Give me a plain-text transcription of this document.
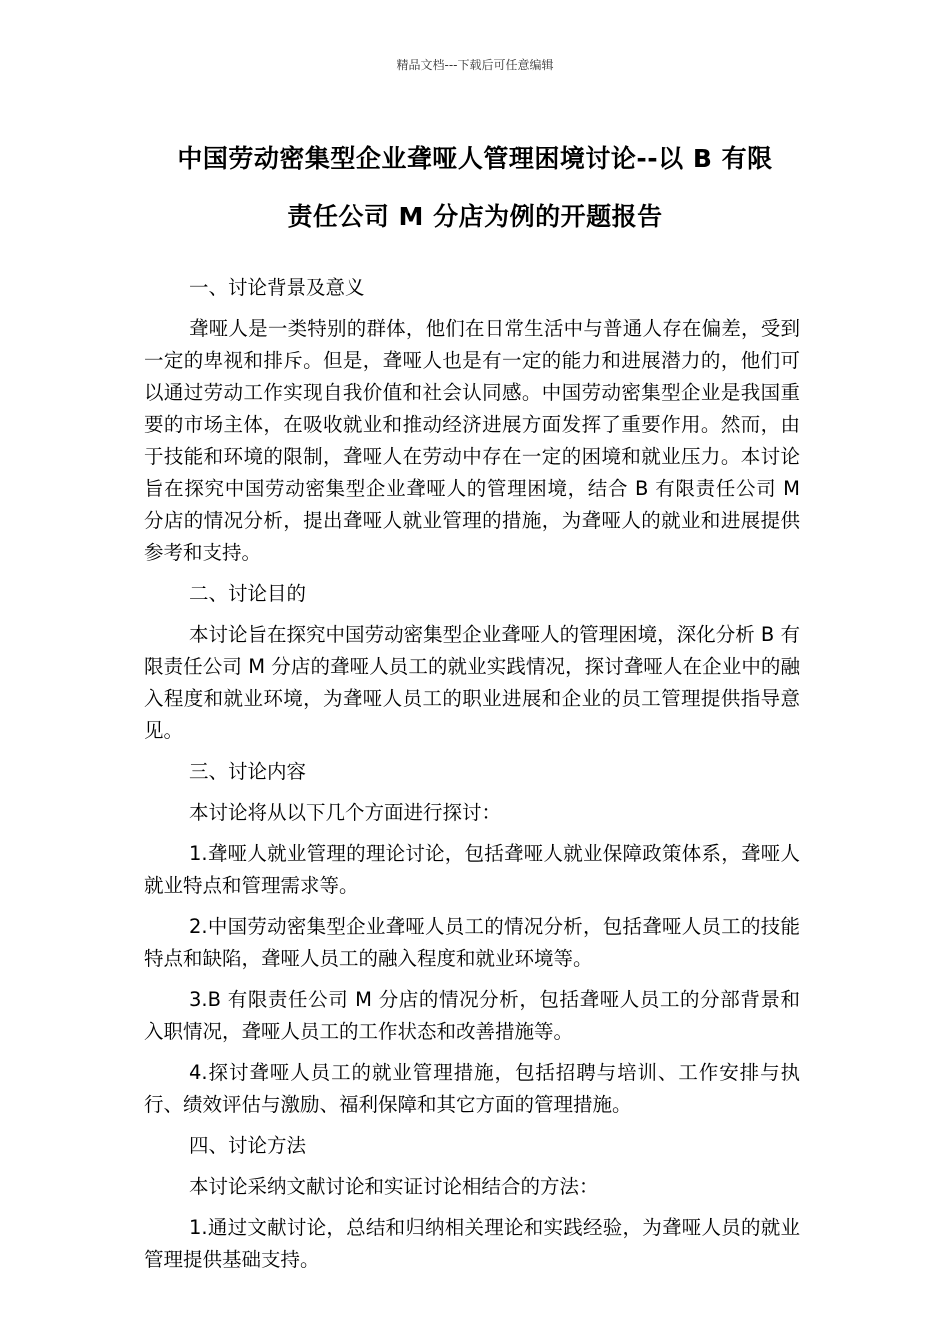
精品文档---下载后可任意编辑
中国劳动密集型企业聋哑人管理困境讨论--以 B 有限
责任公司 M 分店为例的开题报告

一、讨论背景及意义

聋哑人是一类特别的群体，他们在日常生活中与普通人存在偏差，受到一定的卑视和排斥。但是，聋哑人也是有一定的能力和进展潜力的，他们可以通过劳动工作实现自我价值和社会认同感。中国劳动密集型企业是我国重要的市场主体，在吸收就业和推动经济进展方面发挥了重要作用。然而，由于技能和环境的限制，聋哑人在劳动中存在一定的困境和就业压力。本讨论旨在探究中国劳动密集型企业聋哑人的管理困境，结合 B 有限责任公司 M 分店的情况分析，提出聋哑人就业管理的措施，为聋哑人的就业和进展提供参考和支持。

二、讨论目的

本讨论旨在探究中国劳动密集型企业聋哑人的管理困境，深化分析 B 有限责任公司 M 分店的聋哑人员工的就业实践情况，探讨聋哑人在企业中的融入程度和就业环境，为聋哑人员工的职业进展和企业的员工管理提供指导意见。

三、讨论内容

本讨论将从以下几个方面进行探讨：

1.聋哑人就业管理的理论讨论，包括聋哑人就业保障政策体系，聋哑人就业特点和管理需求等。

2.中国劳动密集型企业聋哑人员工的情况分析，包括聋哑人员工的技能特点和缺陷，聋哑人员工的融入程度和就业环境等。

3.B 有限责任公司 M 分店的情况分析，包括聋哑人员工的分部背景和入职情况，聋哑人员工的工作状态和改善措施等。

4.探讨聋哑人员工的就业管理措施，包括招聘与培训、工作安排与执行、绩效评估与激励、福利保障和其它方面的管理措施。

四、讨论方法

本讨论采纳文献讨论和实证讨论相结合的方法：

1.通过文献讨论，总结和归纳相关理论和实践经验，为聋哑人员的就业管理提供基础支持。
